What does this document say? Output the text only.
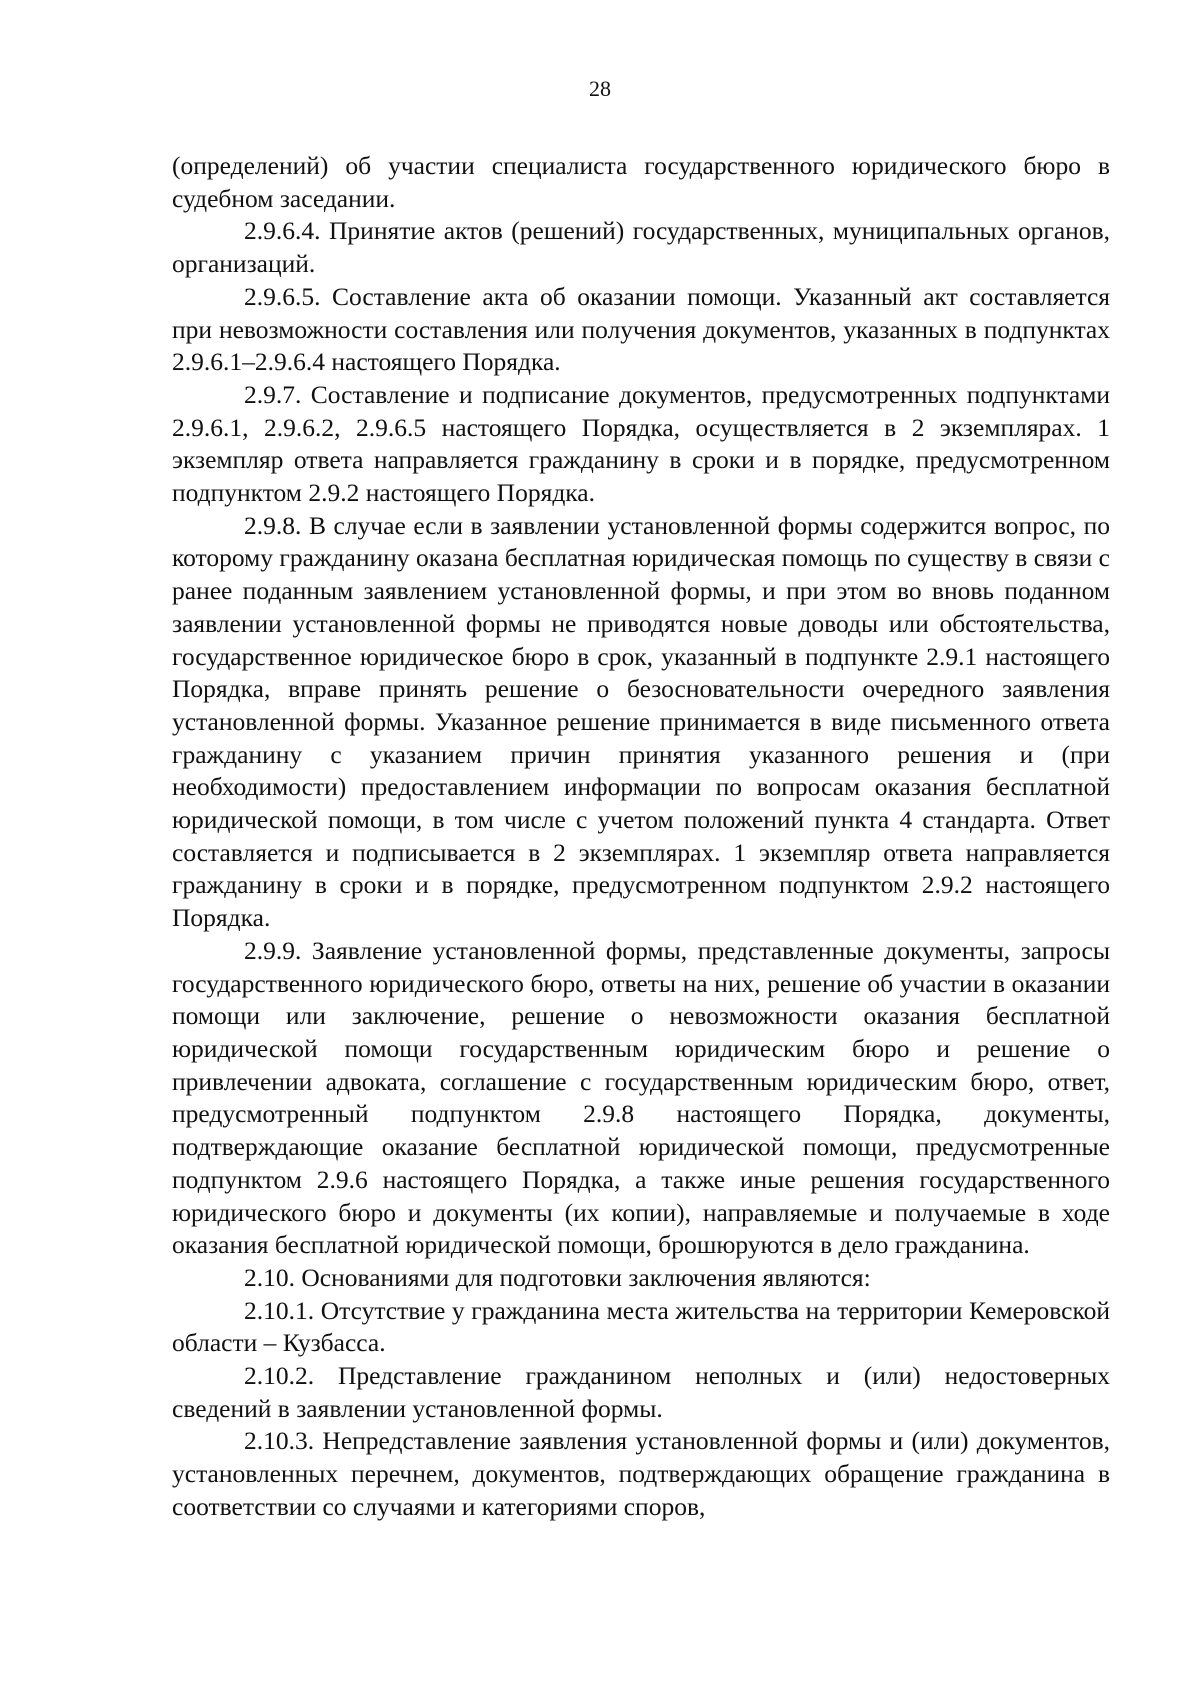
28

(определений) об участии специалиста государственного юридического бюро в судебном заседании.

2.9.6.4. Принятие актов (решений) государственных, муниципальных органов, организаций.

2.9.6.5. Составление акта об оказании помощи. Указанный акт составляется при невозможности составления или получения документов, указанных в подпунктах 2.9.6.1–2.9.6.4 настоящего Порядка.

2.9.7. Составление и подписание документов, предусмотренных подпунктами 2.9.6.1, 2.9.6.2, 2.9.6.5 настоящего Порядка, осуществляется в 2 экземплярах. 1 экземпляр ответа направляется гражданину в сроки и в порядке, предусмотренном подпунктом 2.9.2 настоящего Порядка.

2.9.8. В случае если в заявлении установленной формы содержится вопрос, по которому гражданину оказана бесплатная юридическая помощь по существу в связи с ранее поданным заявлением установленной формы, и при этом во вновь поданном заявлении установленной формы не приводятся новые доводы или обстоятельства, государственное юридическое бюро в срок, указанный в подпункте 2.9.1 настоящего Порядка, вправе принять решение о безосновательности очередного заявления установленной формы. Указанное решение принимается в виде письменного ответа гражданину с указанием причин принятия указанного решения и (при необходимости) предоставлением информации по вопросам оказания бесплатной юридической помощи, в том числе с учетом положений пункта 4 стандарта. Ответ составляется и подписывается в 2 экземплярах. 1 экземпляр ответа направляется гражданину в сроки и в порядке, предусмотренном подпунктом 2.9.2 настоящего Порядка.

2.9.9. Заявление установленной формы, представленные документы, запросы государственного юридического бюро, ответы на них, решение об участии в оказании помощи или заключение, решение о невозможности оказания бесплатной юридической помощи государственным юридическим бюро и решение о привлечении адвоката, соглашение с государственным юридическим бюро, ответ, предусмотренный подпунктом 2.9.8 настоящего Порядка, документы, подтверждающие оказание бесплатной юридической помощи, предусмотренные подпунктом 2.9.6 настоящего Порядка, а также иные решения государственного юридического бюро и документы (их копии), направляемые и получаемые в ходе оказания бесплатной юридической помощи, брошюруются в дело гражданина.

2.10. Основаниями для подготовки заключения являются:

2.10.1. Отсутствие у гражданина места жительства на территории Кемеровской области – Кузбасса.

2.10.2. Представление гражданином неполных и (или) недостоверных сведений в заявлении установленной формы.

2.10.3. Непредставление заявления установленной формы и (или) документов, установленных перечнем, документов, подтверждающих обращение гражданина в соответствии со случаями и категориями споров,
